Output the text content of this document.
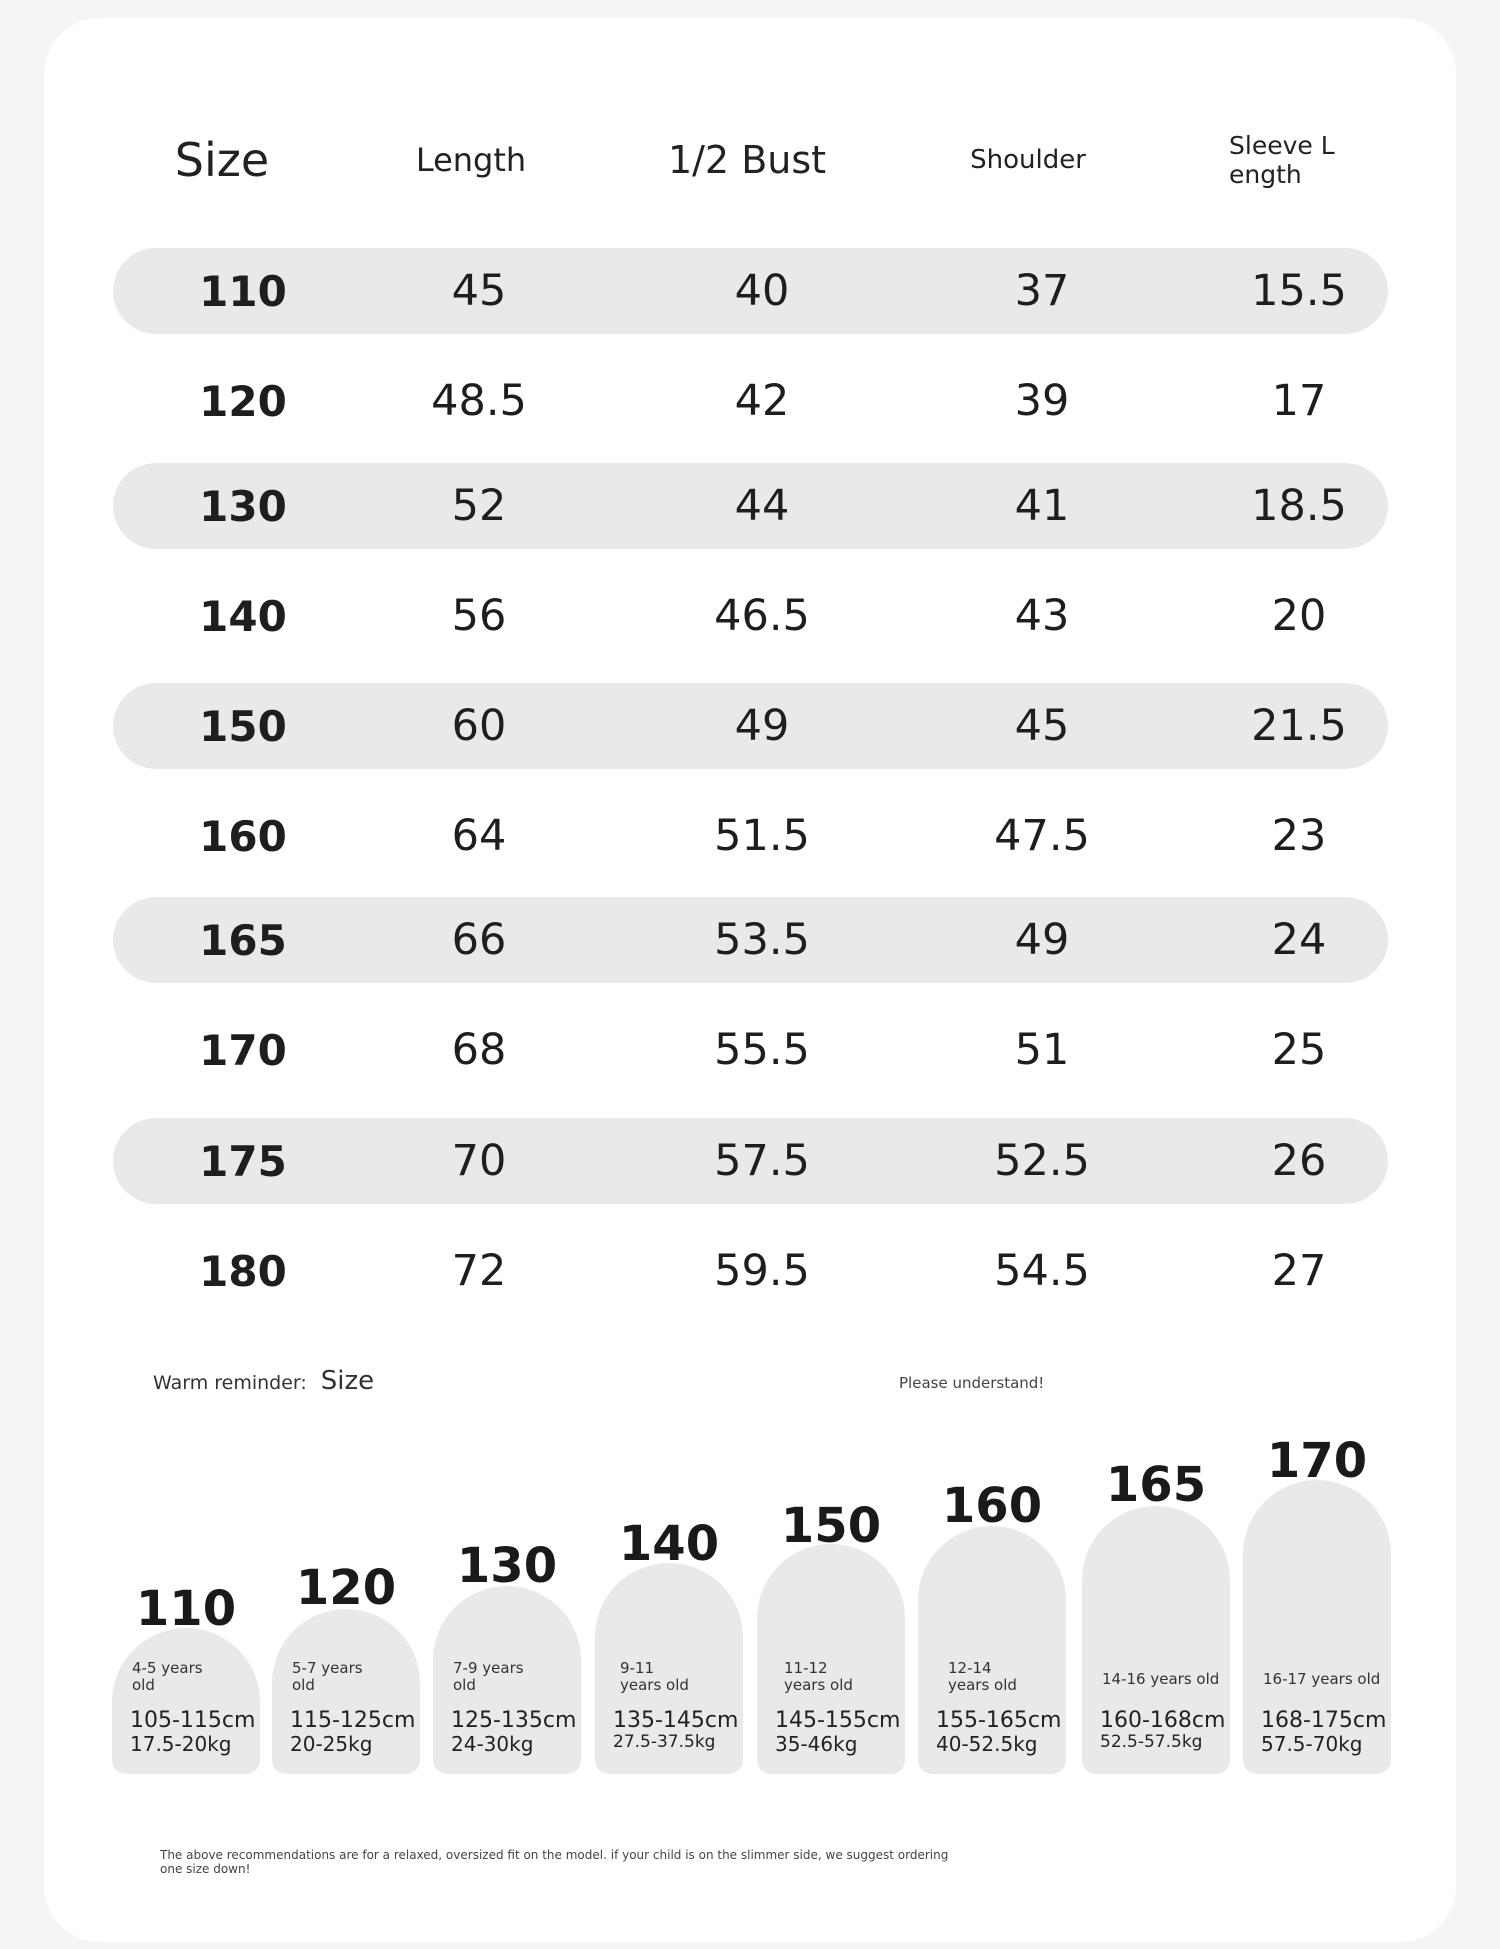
Size	Length	1/2 Bust	Shoulder	Sleeve Length
110	45	40	37	15.5
120	48.5	42	39	17
130	52	44	41	18.5
140	56	46.5	43	20
150	60	49	45	21.5
160	64	51.5	47.5	23
165	66	53.5	49	24
170	68	55.5	51	25
175	70	57.5	52.5	26
180	72	59.5	54.5	27
Warm reminder: Size	Please understand!
110
4-5 years old
105-115cm
17.5-20kg
120
5-7 years old
115-125cm
20-25kg
130
7-9 years old
125-135cm
24-30kg
140
9-11 years old
135-145cm
27.5-37.5kg
150
11-12 years old
145-155cm
35-46kg
160
12-14 years old
155-165cm
40-52.5kg
165
14-16 years old
160-168cm
52.5-57.5kg
170
16-17 years old
168-175cm
57.5-70kg
The above recommendations are for a relaxed, oversized fit on the model. if your child is on the slimmer side, we suggest ordering one size down!
